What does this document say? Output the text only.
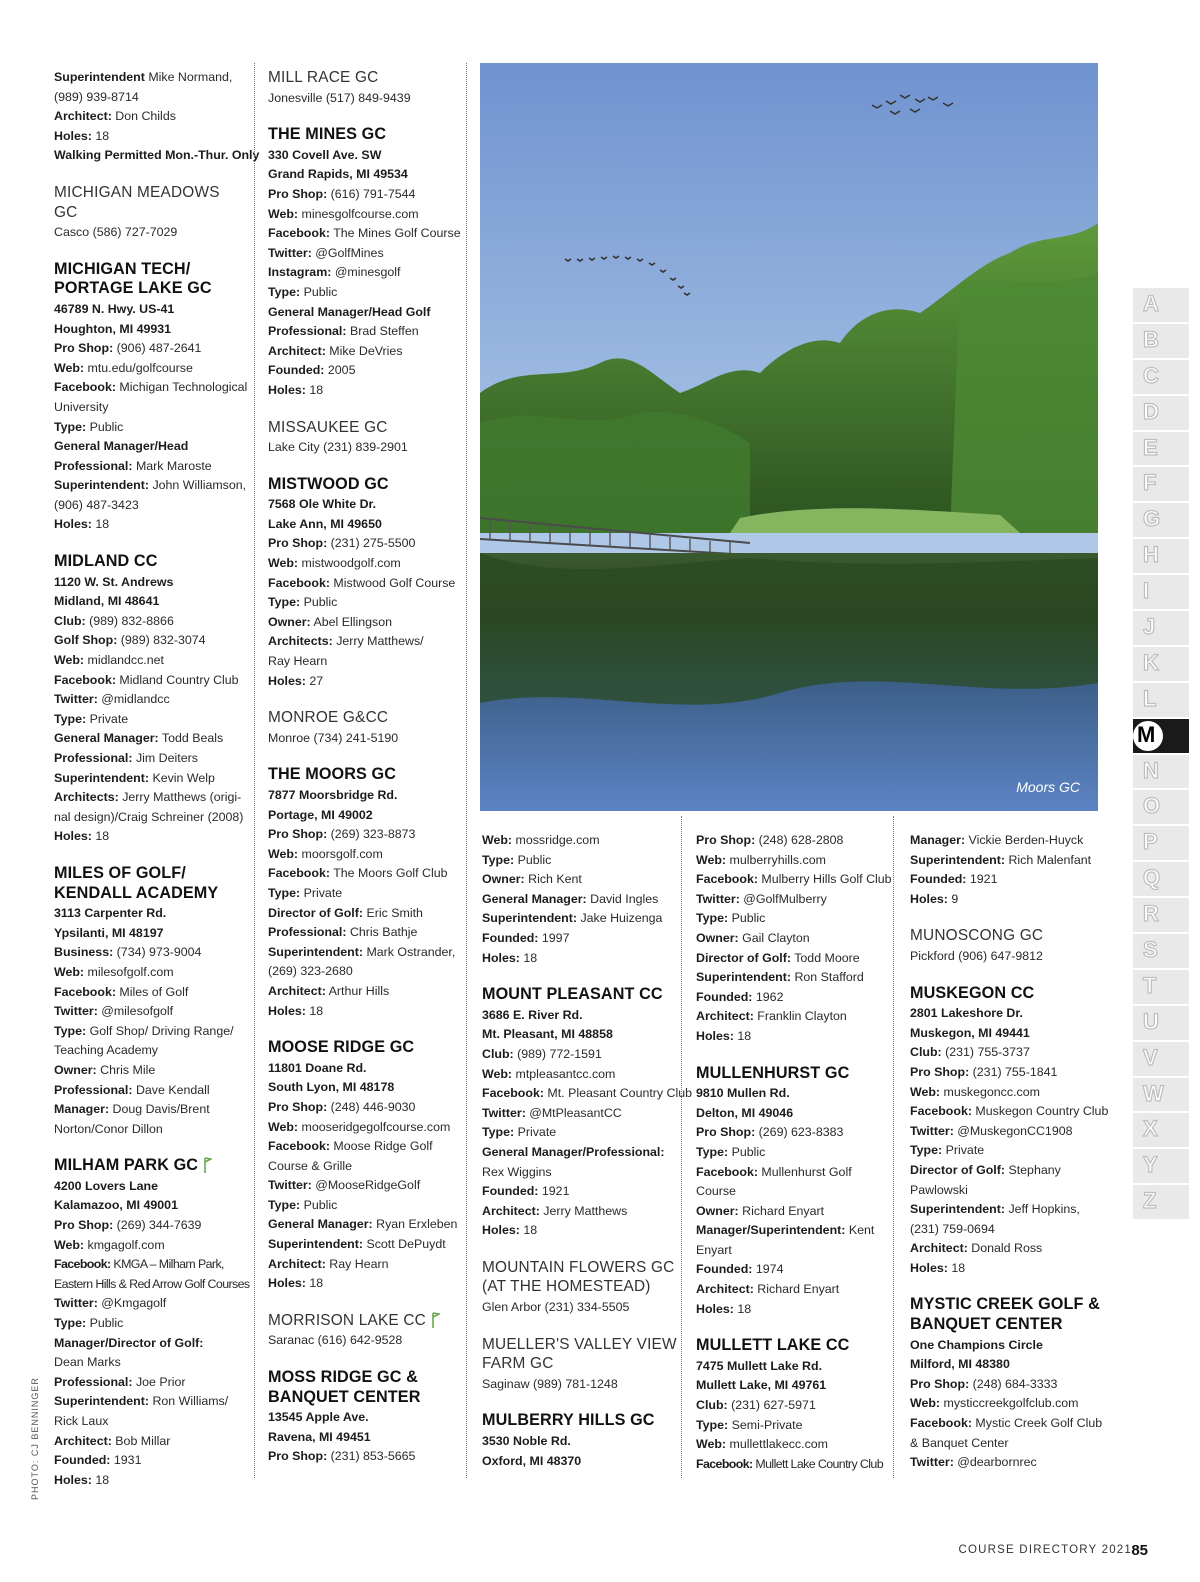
Superintendent Mike Normand,
(989) 939-8714
Architect: Don Childs
Holes: 18
Walking Permitted Mon.-Thur. Only
MICHIGAN MEADOWS GC
Casco (586) 727-7029
MICHIGAN TECH/ PORTAGE LAKE GC
46789 N. Hwy. US-41
Houghton, MI 49931
Pro Shop: (906) 487-2641
Web: mtu.edu/golfcourse
Facebook: Michigan Technological
University
Type: Public
General Manager/Head
Professional: Mark Maroste
Superintendent: John Williamson,
(906) 487-3423
Holes: 18
MIDLAND CC
1120 W. St. Andrews
Midland, MI 48641
Club: (989) 832-8866
Golf Shop: (989) 832-3074
Web: midlandcc.net
Facebook: Midland Country Club
Twitter: @midlandcc
Type: Private
General Manager: Todd Beals
Professional: Jim Deiters
Superintendent: Kevin Welp
Architects: Jerry Matthews (origi-
nal design)/Craig Schreiner (2008)
Holes: 18
MILES OF GOLF/ KENDALL ACADEMY
3113 Carpenter Rd.
Ypsilanti, MI 48197
Business: (734) 973-9004
Web: milesofgolf.com
Facebook: Miles of Golf
Twitter: @milesofgolf
Type: Golf Shop/ Driving Range/
Teaching Academy
Owner: Chris Mile
Professional: Dave Kendall
Manager: Doug Davis/Brent
Norton/Conor Dillon
MILHAM PARK GC
4200 Lovers Lane
Kalamazoo, MI 49001
Pro Shop: (269) 344-7639
Web: kmgagolf.com
Facebook: KMGA – Milham Park,
Eastern Hills & Red Arrow Golf Courses
Twitter: @Kmgagolf
Type: Public
Manager/Director of Golf:
Dean Marks
Professional: Joe Prior
Superintendent: Ron Williams/
Rick Laux
Architect: Bob Millar
Founded: 1931
Holes: 18
MILL RACE GC
Jonesville (517) 849-9439
THE MINES GC
330 Covell Ave. SW
Grand Rapids, MI 49534
Pro Shop: (616) 791-7544
Web: minesgolfcourse.com
Facebook: The Mines Golf Course
Twitter: @GolfMines
Instagram: @minesgolf
Type: Public
General Manager/Head Golf
Professional: Brad Steffen
Architect: Mike DeVries
Founded: 2005
Holes: 18
MISSAUKEE GC
Lake City (231) 839-2901
MISTWOOD GC
7568 Ole White Dr.
Lake Ann, MI 49650
Pro Shop: (231) 275-5500
Web: mistwoodgolf.com
Facebook: Mistwood Golf Course
Type: Public
Owner: Abel Ellingson
Architects: Jerry Matthews/
Ray Hearn
Holes: 27
MONROE G&CC
Monroe (734) 241-5190
THE MOORS GC
7877 Moorsbridge Rd.
Portage, MI 49002
Pro Shop: (269) 323-8873
Web: moorsgolf.com
Facebook: The Moors Golf Club
Type: Private
Director of Golf: Eric Smith
Professional: Chris Bathje
Superintendent: Mark Ostrander,
(269) 323-2680
Architect: Arthur Hills
Holes: 18
MOOSE RIDGE GC
11801 Doane Rd.
South Lyon, MI 48178
Pro Shop: (248) 446-9030
Web: mooseridgegolfcourse.com
Facebook: Moose Ridge Golf
Course & Grille
Twitter: @MooseRidgeGolf
Type: Public
General Manager: Ryan Erxleben
Superintendent: Scott DePuydt
Architect: Ray Hearn
Holes: 18
MORRISON LAKE CC
Saranac (616) 642-9528
MOSS RIDGE GC & BANQUET CENTER
13545 Apple Ave.
Ravena, MI 49451
Pro Shop: (231) 853-5665
Web: mossridge.com
Type: Public
Owner: Rich Kent
General Manager: David Ingles
Superintendent: Jake Huizenga
Founded: 1997
Holes: 18
MOUNT PLEASANT CC
3686 E. River Rd.
Mt. Pleasant, MI 48858
Club: (989) 772-1591
Web: mtpleasantcc.com
Facebook: Mt. Pleasant Country Club
Twitter: @MtPleasantCC
Type: Private
General Manager/Professional:
Rex Wiggins
Founded: 1921
Architect: Jerry Matthews
Holes: 18
MOUNTAIN FLOWERS GC (AT THE HOMESTEAD)
Glen Arbor (231) 334-5505
MUELLER'S VALLEY VIEW FARM GC
Saginaw (989) 781-1248
MULBERRY HILLS GC
3530 Noble Rd.
Oxford, MI 48370
Pro Shop: (248) 628-2808
Web: mulberryhills.com
Facebook: Mulberry Hills Golf Club
Twitter: @GolfMulberry
Type: Public
Owner: Gail Clayton
Director of Golf: Todd Moore
Superintendent: Ron Stafford
Founded: 1962
Architect: Franklin Clayton
Holes: 18
MULLENHURST GC
9810 Mullen Rd.
Delton, MI 49046
Pro Shop: (269) 623-8383
Type: Public
Facebook: Mullenhurst Golf
Course
Owner: Richard Enyart
Manager/Superintendent: Kent
Enyart
Founded: 1974
Architect: Richard Enyart
Holes: 18
MULLETT LAKE CC
7475 Mullett Lake Rd.
Mullett Lake, MI 49761
Club: (231) 627-5971
Type: Semi-Private
Web: mullettlakecc.com
Facebook: Mullett Lake Country Club
Manager: Vickie Berden-Huyck
Superintendent: Rich Malenfant
Founded: 1921
Holes: 9
MUNOSCONG GC
Pickford (906) 647-9812
MUSKEGON CC
2801 Lakeshore Dr.
Muskegon, MI 49441
Club: (231) 755-3737
Pro Shop: (231) 755-1841
Web: muskegoncc.com
Facebook: Muskegon Country Club
Twitter: @MuskegonCC1908
Type: Private
Director of Golf: Stephany
Pawlowski
Superintendent: Jeff Hopkins,
(231) 759-0694
Architect: Donald Ross
Holes: 18
MYSTIC CREEK GOLF & BANQUET CENTER
One Champions Circle
Milford, MI 48380
Pro Shop: (248) 684-3333
Web: mysticcreekgolfclub.com
Facebook: Mystic Creek Golf Club
& Banquet Center
Twitter: @dearbornrec
Moors GC
A
B
C
D
E
F
G
H
I
J
K
L
M
N
O
P
Q
R
S
T
U
V
W
X
Y
Z
PHOTO: CJ BENNINGER
COURSE DIRECTORY 2021 85
